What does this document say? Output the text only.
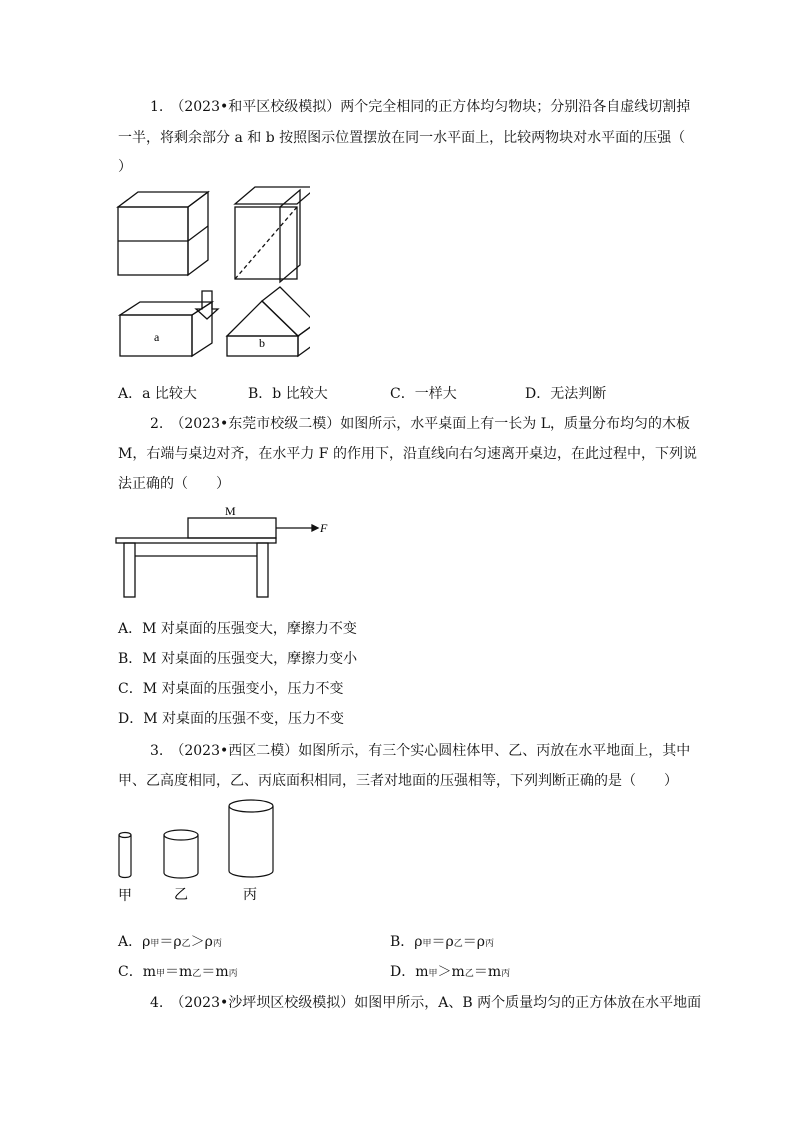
1.　（2023•和平区校级模拟）两个完全相同的正方体均匀物块；分别沿各自虚线切割掉
一半，将剩余部分 a 和 b 按照图示位置摆放在同一水平面上，比较两物块对水平面的压强（
）
a	b
A．a 比较大	B．b 比较大	C．一样大	D．无法判断
2.　（2023•东莞市校级二模）如图所示，水平桌面上有一长为 L，质量分布均匀的木板
M，右端与桌边对齐，在水平力 F 的作用下，沿直线向右匀速离开桌边，在此过程中，下列说
法正确的（　　）
M
F
A．M 对桌面的压强变大，摩擦力不变
B．M 对桌面的压强变大，摩擦力变小
C．M 对桌面的压强变小，压力不变
D．M 对桌面的压强不变，压力不变
3.　（2023•西区二模）如图所示，有三个实心圆柱体甲、乙、丙放在水平地面上，其中
甲、乙高度相同，乙、丙底面积相同，三者对地面的压强相等，下列判断正确的是（　　）
甲	乙	丙
A．ρ甲＝ρ乙＞ρ丙	B．ρ甲＝ρ乙＝ρ丙
C．m甲＝m乙＝m丙	D．m甲＞m乙＝m丙
4.　（2023•沙坪坝区校级模拟）如图甲所示，A、B 两个质量均匀的正方体放在水平地面
